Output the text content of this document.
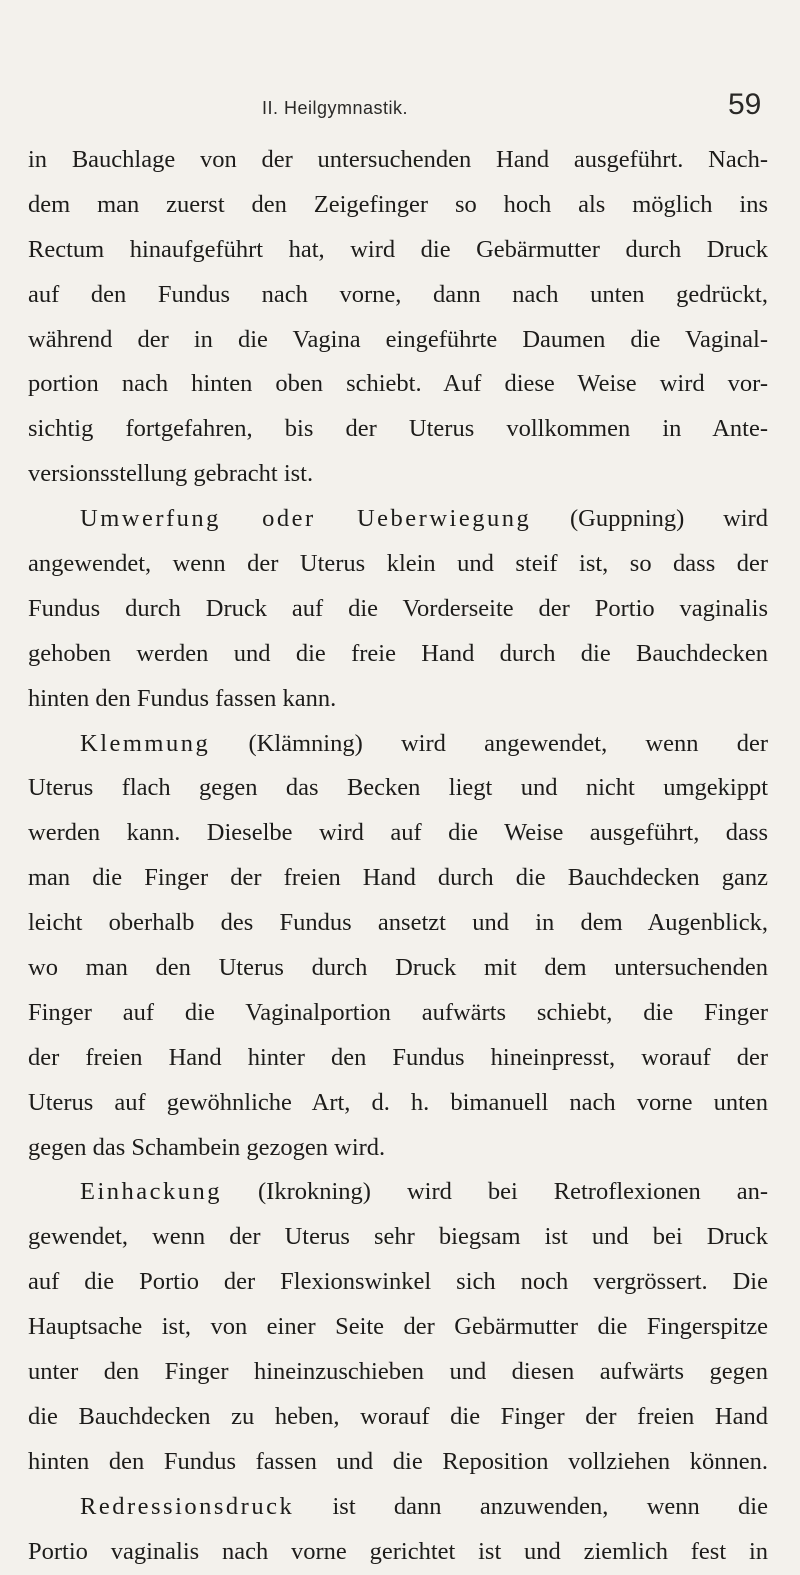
II. Heilgymnastik.	59
in Bauchlage von der untersuchenden Hand ausgeführt. Nach-
dem man zuerst den Zeigefinger so hoch als möglich ins
Rectum hinaufgeführt hat, wird die Gebärmutter durch Druck
auf den Fundus nach vorne, dann nach unten gedrückt,
während der in die Vagina eingeführte Daumen die Vaginal-
portion nach hinten oben schiebt. Auf diese Weise wird vor-
sichtig fortgefahren, bis der Uterus vollkommen in Ante-
versionsstellung gebracht ist.
Umwerfung oder Ueberwiegung (Guppning) wird
angewendet, wenn der Uterus klein und steif ist, so dass der
Fundus durch Druck auf die Vorderseite der Portio vaginalis
gehoben werden und die freie Hand durch die Bauchdecken
hinten den Fundus fassen kann.
Klemmung (Klämning) wird angewendet, wenn der
Uterus flach gegen das Becken liegt und nicht umgekippt
werden kann. Dieselbe wird auf die Weise ausgeführt, dass
man die Finger der freien Hand durch die Bauchdecken ganz
leicht oberhalb des Fundus ansetzt und in dem Augenblick,
wo man den Uterus durch Druck mit dem untersuchenden
Finger auf die Vaginalportion aufwärts schiebt, die Finger
der freien Hand hinter den Fundus hineinpresst, worauf der
Uterus auf gewöhnliche Art, d. h. bimanuell nach vorne unten
gegen das Schambein gezogen wird.
Einhackung (Ikrokning) wird bei Retroflexionen an-
gewendet, wenn der Uterus sehr biegsam ist und bei Druck
auf die Portio der Flexionswinkel sich noch vergrössert. Die
Hauptsache ist, von einer Seite der Gebärmutter die Fingerspitze
unter den Finger hineinzuschieben und diesen aufwärts gegen
die Bauchdecken zu heben, worauf die Finger der freien Hand
hinten den Fundus fassen und die Reposition vollziehen können.
Redressionsdruck ist dann anzuwenden, wenn die
Portio vaginalis nach vorne gerichtet ist und ziemlich fest in
